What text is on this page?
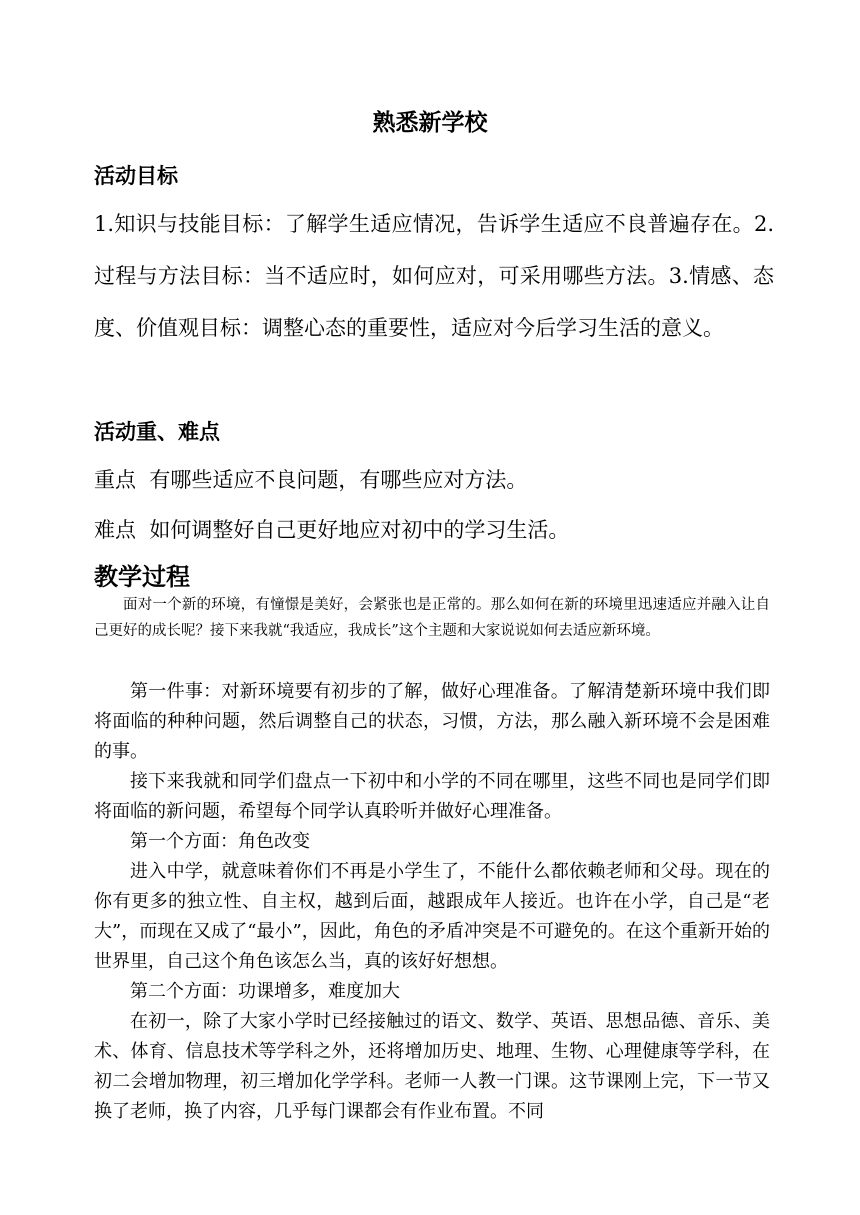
熟悉新学校
活动目标

1.知识与技能目标：了解学生适应情况，告诉学生适应不良普遍存在。2.过程与方法目标：当不适应时，如何应对，可采用哪些方法。3.情感、态度、价值观目标：调整心态的重要性，适应对今后学习生活的意义。

活动重、难点

重点  有哪些适应不良问题，有哪些应对方法。

难点  如何调整好自己更好地应对初中的学习生活。

教学过程

面对一个新的环境，有憧憬是美好，会紧张也是正常的。那么如何在新的环境里迅速适应并融入让自己更好的成长呢？接下来我就“我适应，我成长”这个主题和大家说说如何去适应新环境。

第一件事：对新环境要有初步的了解，做好心理准备。了解清楚新环境中我们即将面临的种种问题，然后调整自己的状态，习惯，方法，那么融入新环境不会是困难的事。

接下来我就和同学们盘点一下初中和小学的不同在哪里，这些不同也是同学们即将面临的新问题，希望每个同学认真聆听并做好心理准备。

第一个方面：角色改变

进入中学，就意味着你们不再是小学生了，不能什么都依赖老师和父母。现在的你有更多的独立性、自主权，越到后面，越跟成年人接近。也许在小学，自己是“老大”，而现在又成了“最小”，因此，角色的矛盾冲突是不可避免的。在这个重新开始的世界里，自己这个角色该怎么当，真的该好好想想。

第二个方面：功课增多，难度加大

在初一，除了大家小学时已经接触过的语文、数学、英语、思想品德、音乐、美术、体育、信息技术等学科之外，还将增加历史、地理、生物、心理健康等学科，在初二会增加物理，初三增加化学学科。老师一人教一门课。这节课刚上完，下一节又换了老师，换了内容，几乎每门课都会有作业布置。不同
